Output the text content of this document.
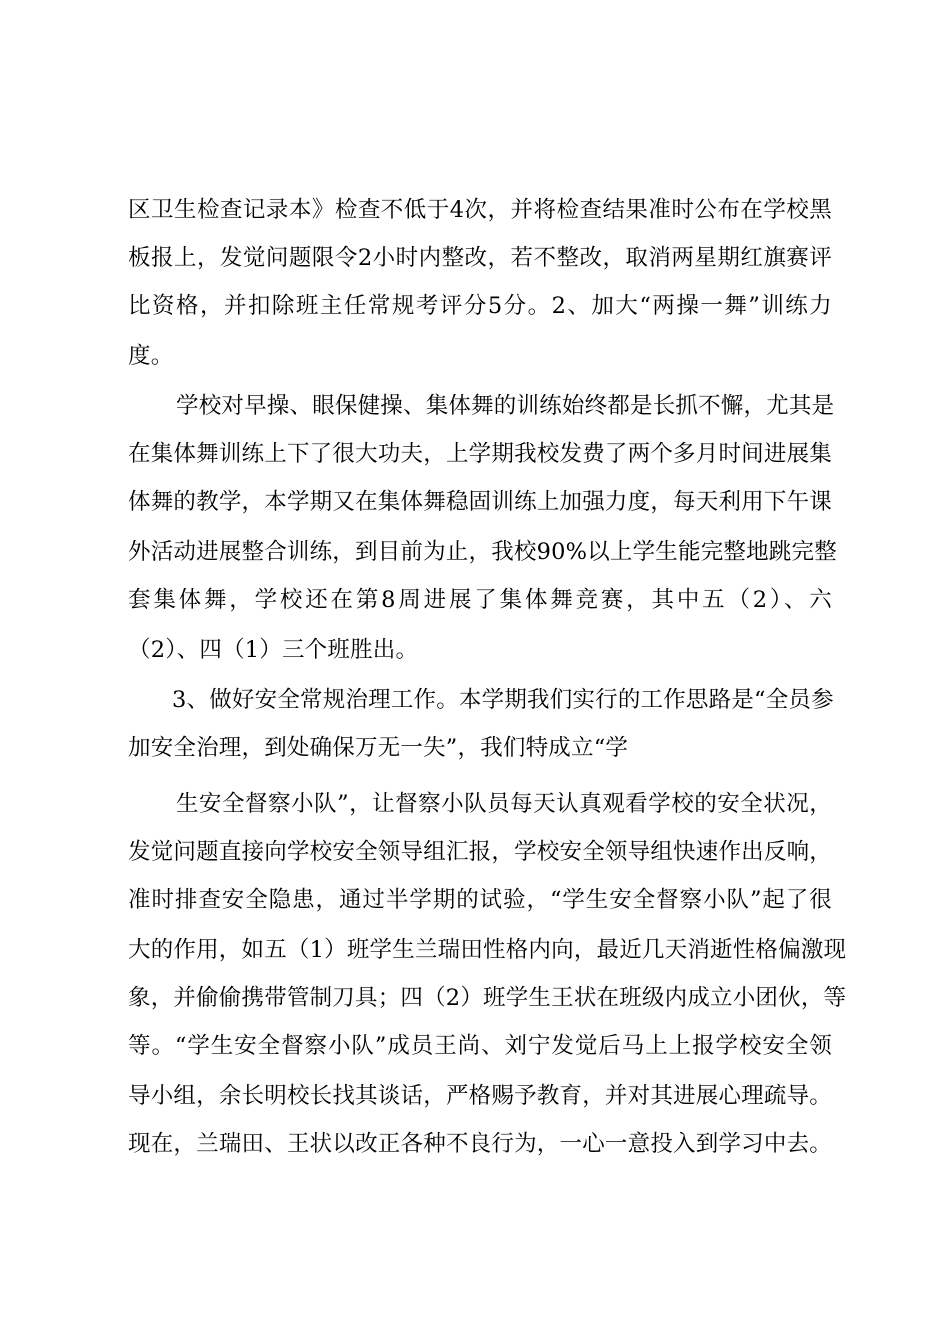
区卫生检查记录本》检查不低于4次，并将检查结果准时公布在学校黑
板报上，发觉问题限令2小时内整改，若不整改，取消两星期红旗赛评
比资格，并扣除班主任常规考评分5分。2、加大“两操一舞”训练力
度。
学校对早操、眼保健操、集体舞的训练始终都是长抓不懈，尤其是
在集体舞训练上下了很大功夫，上学期我校发费了两个多月时间进展集
体舞的教学，本学期又在集体舞稳固训练上加强力度，每天利用下午课
外活动进展整合训练，到目前为止，我校90%以上学生能完整地跳完整
套集体舞，学校还在第8周进展了集体舞竞赛，其中五（2）、六
（2）、四（1）三个班胜出。
3、做好安全常规治理工作。本学期我们实行的工作思路是“全员参
加安全治理，到处确保万无一失”，我们特成立“学
生安全督察小队”，让督察小队员每天认真观看学校的安全状况，
发觉问题直接向学校安全领导组汇报，学校安全领导组快速作出反响，
准时排查安全隐患，通过半学期的试验，“学生安全督察小队”起了很
大的作用，如五（1）班学生兰瑞田性格内向，最近几天消逝性格偏激现
象，并偷偷携带管制刀具；四（2）班学生王状在班级内成立小团伙，等
等。“学生安全督察小队”成员王尚、刘宁发觉后马上上报学校安全领
导小组，余长明校长找其谈话，严格赐予教育，并对其进展心理疏导。
现在，兰瑞田、王状以改正各种不良行为，一心一意投入到学习中去。
